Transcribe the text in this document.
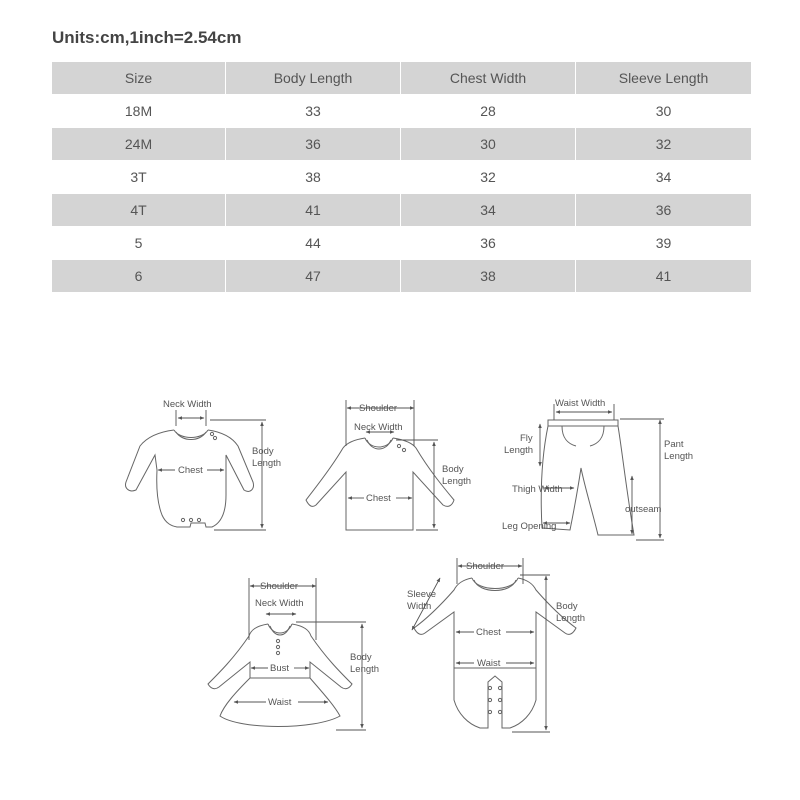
Units:cm,1inch=2.54cm
Size	Body Length	Chest Width	Sleeve Length
18M	33	28	30
24M	36	30	32
3T	38	32	34
4T	41	34	36
5	44	36	39
6	47	38	41
Neck Width
Chest
Body
Length
Shoulder
Neck Width
Chest
Body
Length
Waist Width
Fly
Length
Pant
Length
Thigh Width
outseam
Leg Opening
Shoulder
Neck Width
Bust
Waist
Body
Length
Shoulder
Sleeve
Width
Chest
Waist
Body
Length
